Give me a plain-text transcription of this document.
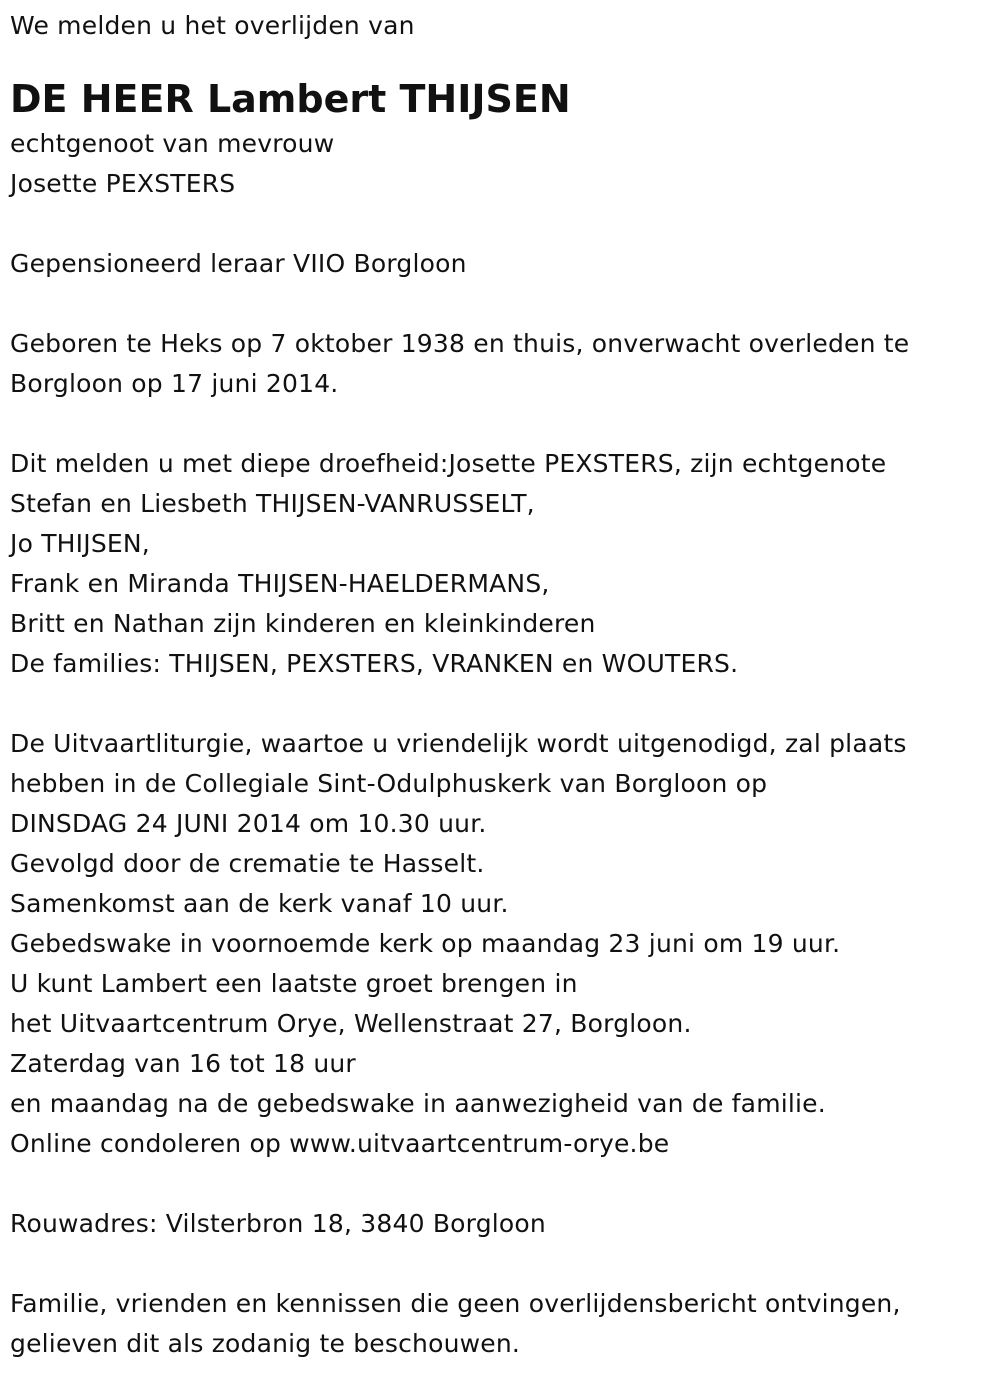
We melden u het overlijden van
DE HEER Lambert THIJSEN
echtgenoot van mevrouw
Josette PEXSTERS
Gepensioneerd leraar VIIO Borgloon
Geboren te Heks op 7 oktober 1938 en thuis, onverwacht overleden te
Borgloon op 17 juni 2014.
Dit melden u met diepe droefheid:Josette PEXSTERS, zijn echtgenote
Stefan en Liesbeth THIJSEN-VANRUSSELT,
Jo THIJSEN,
Frank en Miranda THIJSEN-HAELDERMANS,
Britt en Nathan zijn kinderen en kleinkinderen
De families: THIJSEN, PEXSTERS, VRANKEN en WOUTERS.
De Uitvaartliturgie, waartoe u vriendelijk wordt uitgenodigd, zal plaats
hebben in de Collegiale Sint-Odulphuskerk van Borgloon op
DINSDAG 24 JUNI 2014 om 10.30 uur.
Gevolgd door de crematie te Hasselt.
Samenkomst aan de kerk vanaf 10 uur.
Gebedswake in voornoemde kerk op maandag 23 juni om 19 uur.
U kunt Lambert een laatste groet brengen in
het Uitvaartcentrum Orye, Wellenstraat 27, Borgloon.
Zaterdag van 16 tot 18 uur
en maandag na de gebedswake in aanwezigheid van de familie.
Online condoleren op www.uitvaartcentrum-orye.be
Rouwadres: Vilsterbron 18, 3840 Borgloon
Familie, vrienden en kennissen die geen overlijdensbericht ontvingen,
gelieven dit als zodanig te beschouwen.
